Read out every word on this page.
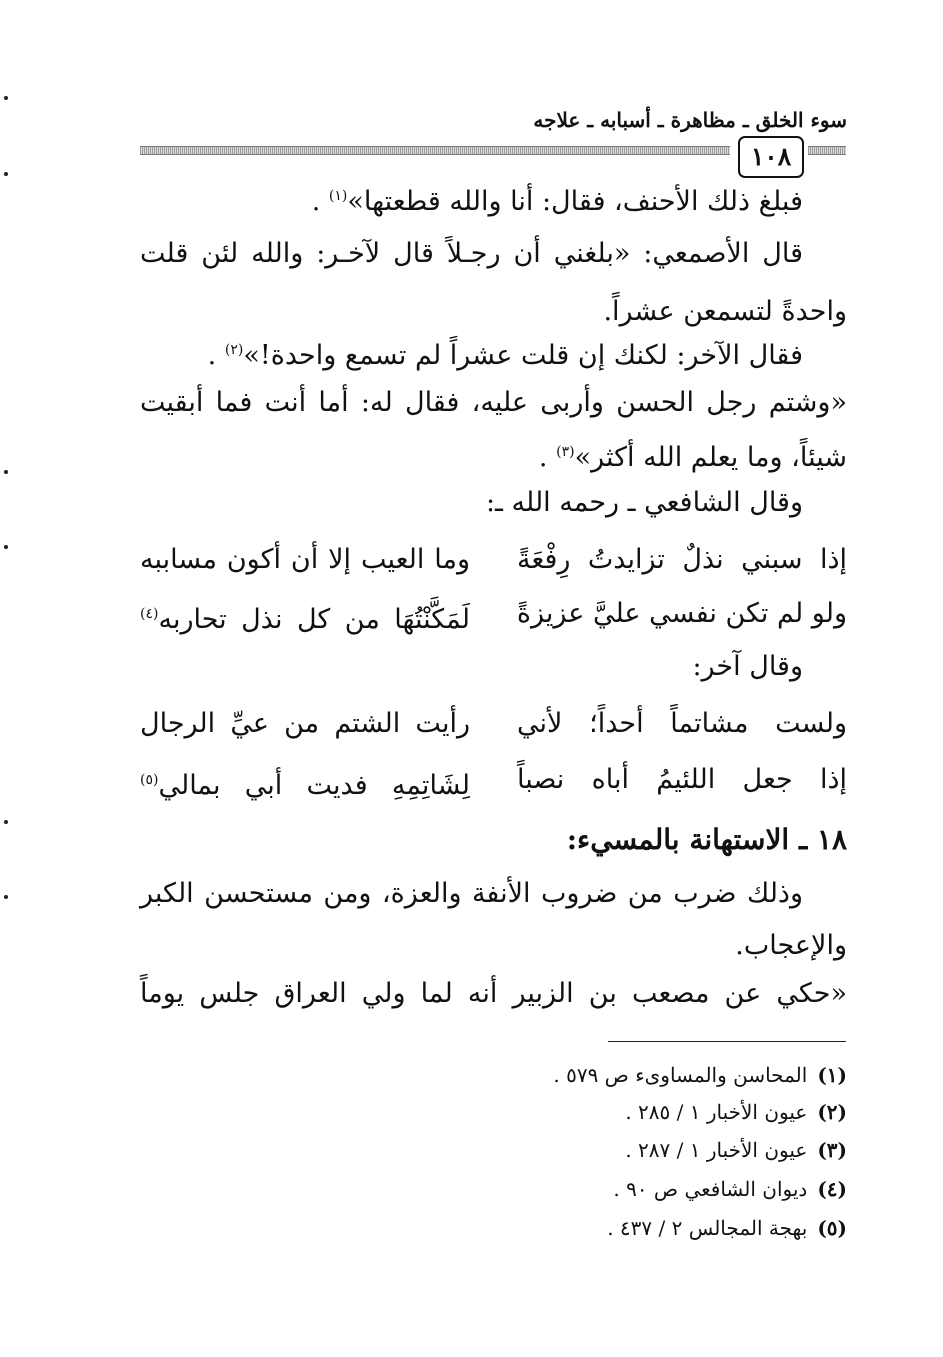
سوء الخلق ـ مظاهرة ـ أسبابه ـ علاجه
١٠٨
فبلغ ذلك الأحنف، فقال: أنا والله قطعتها»$^{(١)}$ .
قال الأصمعي: «بلغني أن رجـلاً قال لآخـر: والله لئن قلت
واحدةً لتسمعن عشراً.
فقال الآخر: لكنك إن قلت عشراً لم تسمع واحدة!»$^{(٢)}$ .
«وشتم رجل الحسن وأربى عليه، فقال له: أما أنت فما أبقيت
شيئاً، وما يعلم الله أكثر»$^{(٣)}$ .
وقال الشافعي ـ رحمه الله ـ:
إذا سبني نذلٌ تزايدتُ رِفْعَةً
وما العيب إلا أن أكون مساببه
ولو لم تكن نفسي عليَّ عزيزةً
لَمَكَّنْتُهَا من كل نذل تحاربه$^{(٤)}$
وقال آخر:
ولست مشاتماً أحداً؛ لأني
رأيت الشتم من عيِّ الرجال
إذا جعل اللئيمُ أباه نصباً
لِشَاتِمِهِ فديت أبي بمالي$^{(٥)}$
١٨ ـ الاستهانة بالمسيء:
وذلك ضرب من ضروب الأنفة والعزة، ومن مستحسن الكبر
والإعجاب.
«حكي عن مصعب بن الزبير أنه لما ولي العراق جلس يوماً
(١)المحاسن والمساوىء ص ٥٧٩ .
(٢)عيون الأخبار ١ / ٢٨٥ .
(٣)عيون الأخبار ١ / ٢٨٧ .
(٤)ديوان الشافعي ص ٩٠ .
(٥)بهجة المجالس ٢ / ٤٣٧ .
